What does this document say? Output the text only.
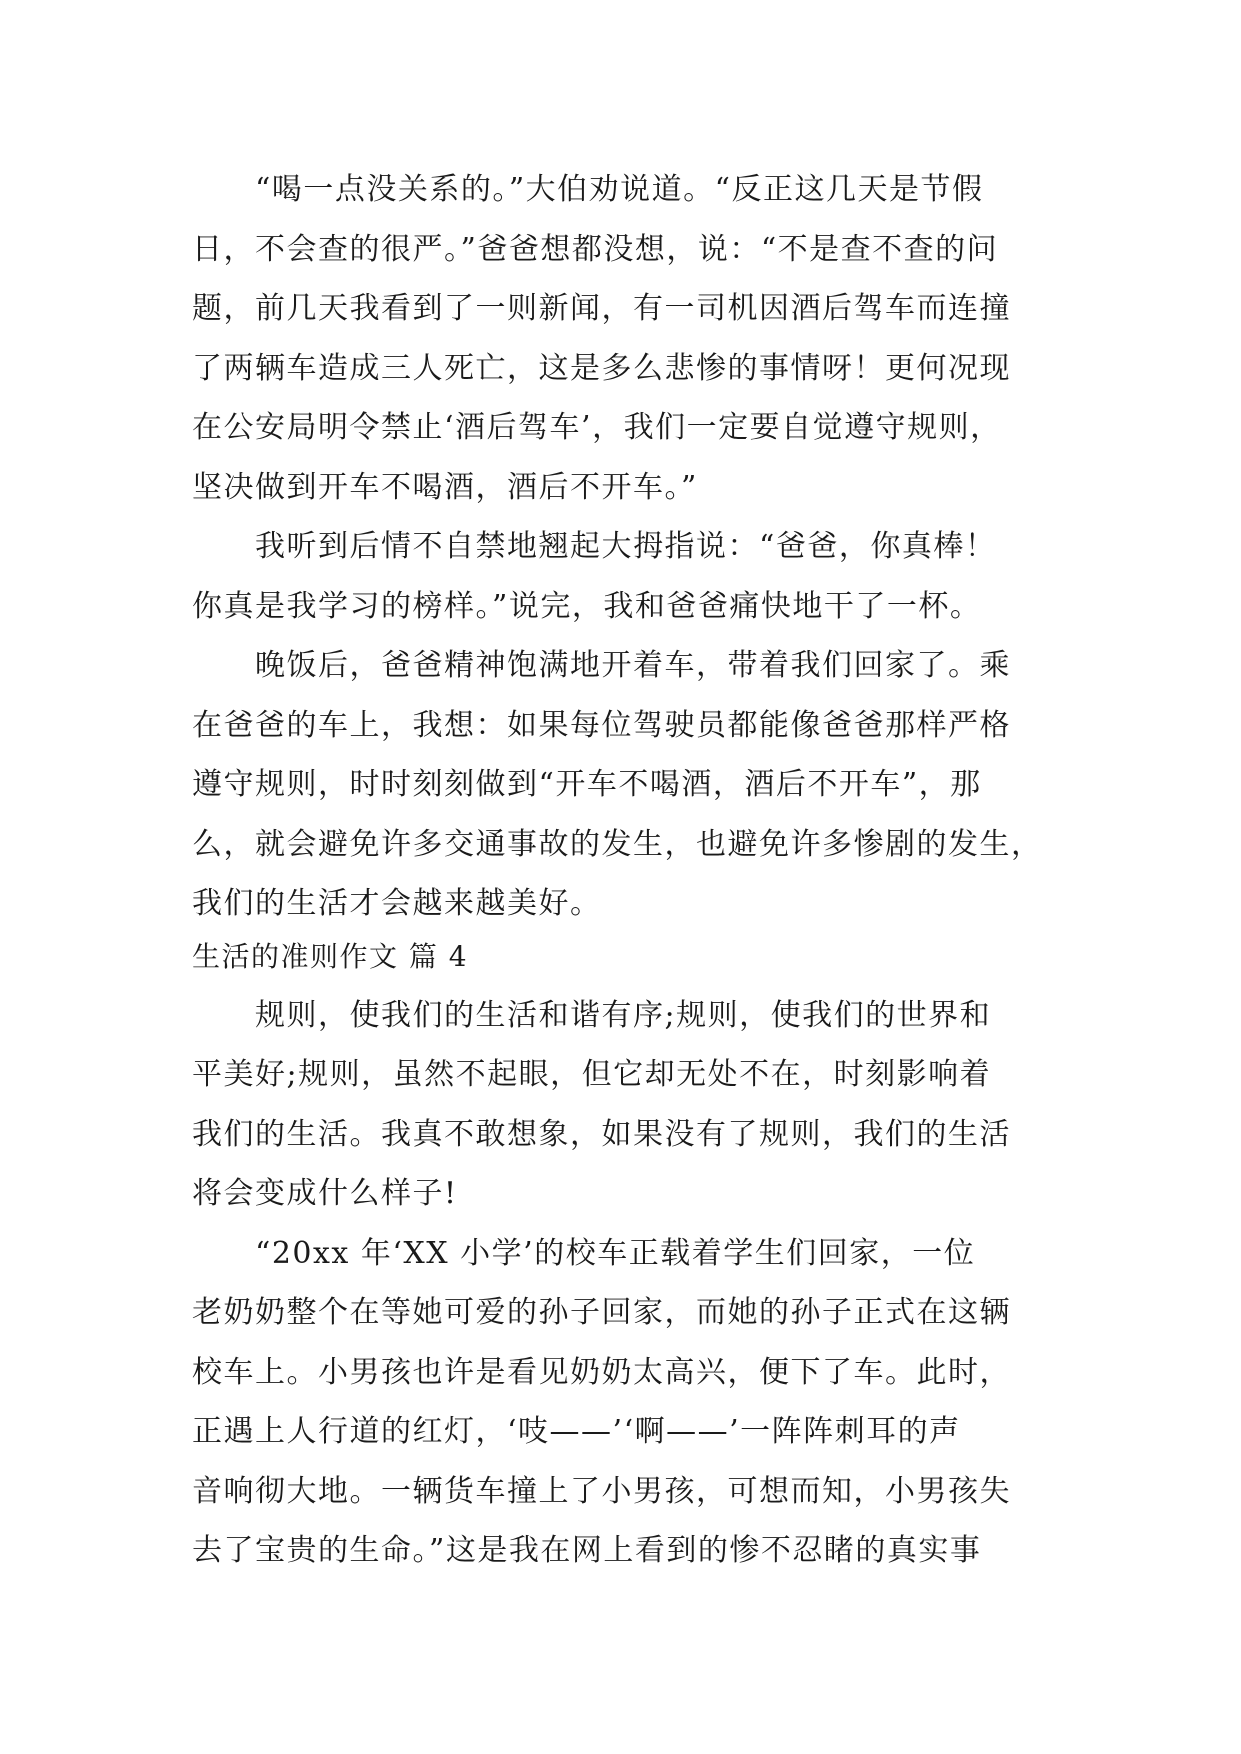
“喝一点没关系的。”大伯劝说道。“反正这几天是节假
日，不会查的很严。”爸爸想都没想，说：“不是查不查的问
题，前几天我看到了一则新闻，有一司机因酒后驾车而连撞
了两辆车造成三人死亡，这是多么悲惨的事情呀！更何况现
在公安局明令禁止‘酒后驾车’，我们一定要自觉遵守规则，
坚决做到开车不喝酒，酒后不开车。”
我听到后情不自禁地翘起大拇指说：“爸爸，你真棒！
你真是我学习的榜样。”说完，我和爸爸痛快地干了一杯。
晚饭后，爸爸精神饱满地开着车，带着我们回家了。乘
在爸爸的车上，我想：如果每位驾驶员都能像爸爸那样严格
遵守规则，时时刻刻做到“开车不喝酒，酒后不开车”，那
么，就会避免许多交通事故的发生，也避免许多惨剧的发生，
我们的生活才会越来越美好。
生活的准则作文 篇 4
规则，使我们的生活和谐有序;规则，使我们的世界和
平美好;规则，虽然不起眼，但它却无处不在，时刻影响着
我们的生活。我真不敢想象，如果没有了规则，我们的生活
将会变成什么样子!
“20xx 年‘XX 小学’的校车正载着学生们回家，一位
老奶奶整个在等她可爱的孙子回家，而她的孙子正式在这辆
校车上。小男孩也许是看见奶奶太高兴，便下了车。此时，
正遇上人行道的红灯，‘吱——’‘啊——’一阵阵刺耳的声
音响彻大地。一辆货车撞上了小男孩，可想而知，小男孩失
去了宝贵的生命。”这是我在网上看到的惨不忍睹的真实事
